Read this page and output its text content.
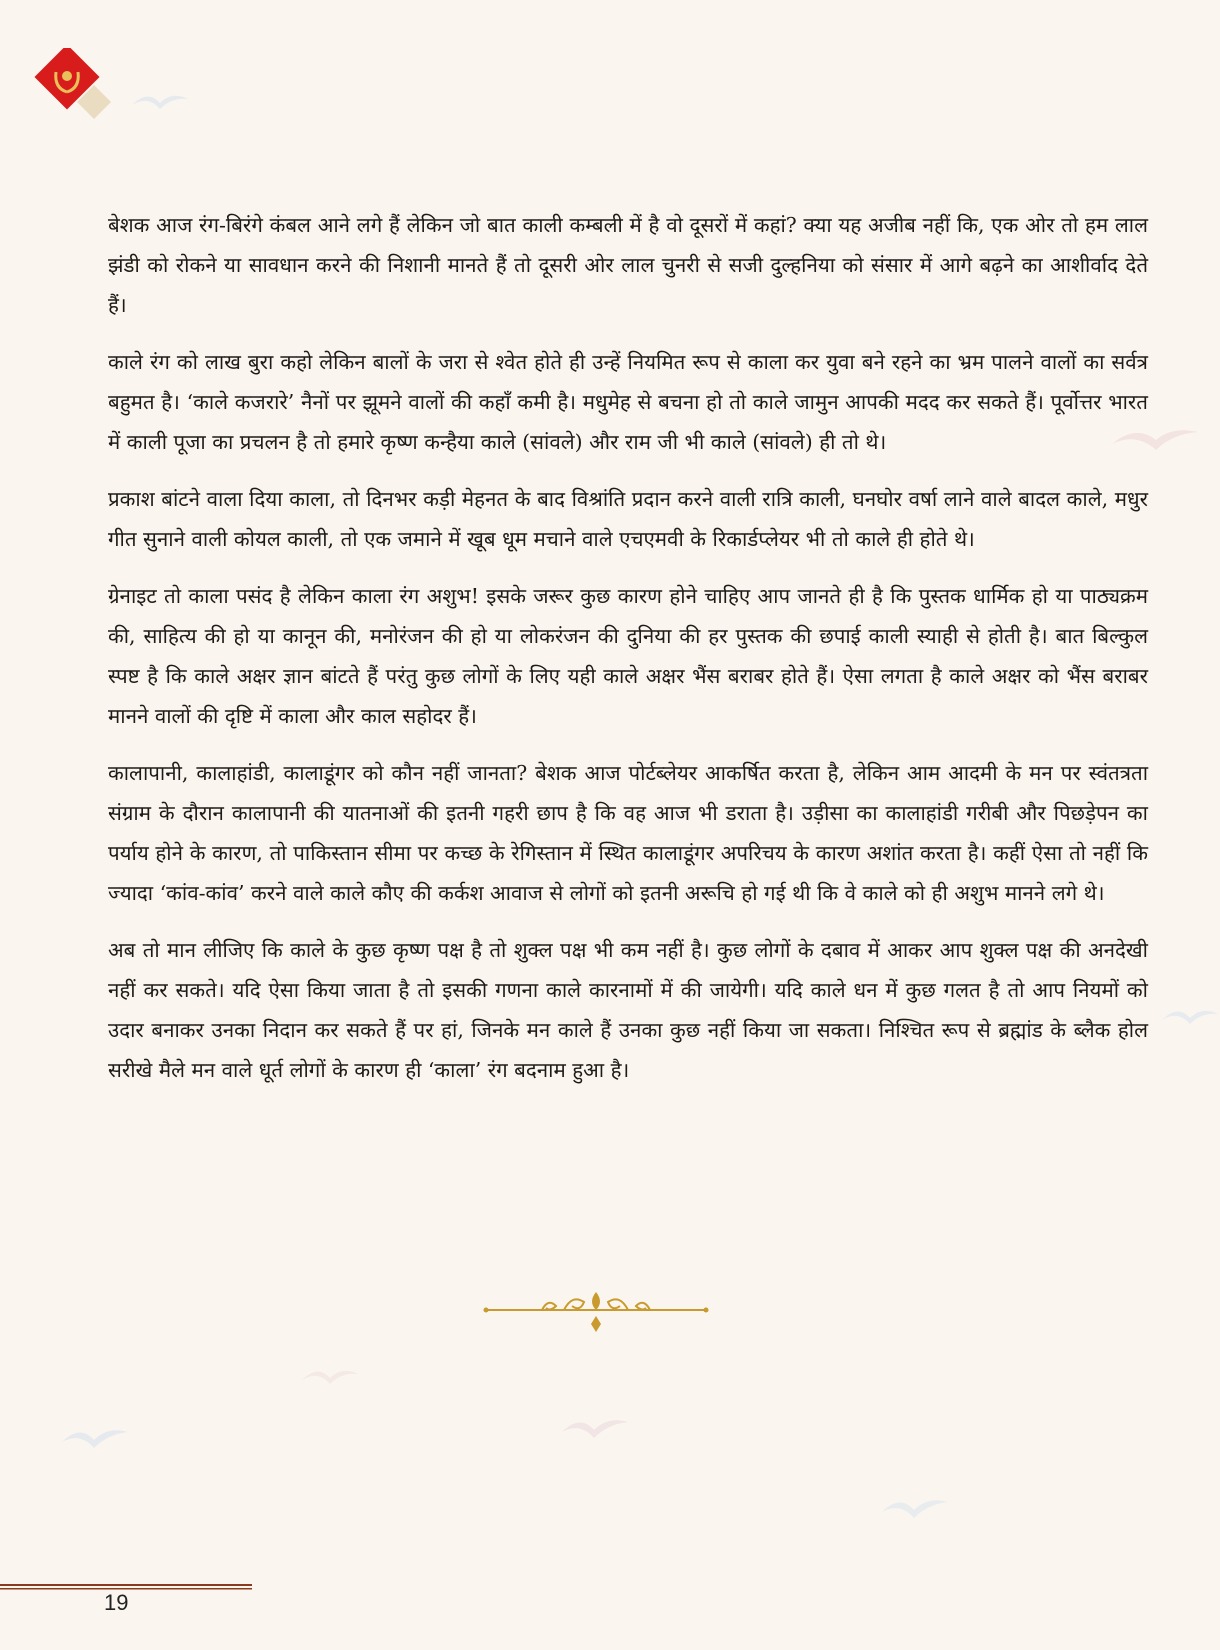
बेशक आज रंग-बिरंगे कंबल आने लगे हैं लेकिन जो बात काली कम्बली में है वो दूसरों में कहां? क्या यह अजीब नहीं कि, एक ओर तो हम लाल झंडी को रोकने या सावधान करने की निशानी मानते हैं तो दूसरी ओर लाल चुनरी से सजी दुल्हनिया को संसार में आगे बढ़ने का आशीर्वाद देते हैं।

काले रंग को लाख बुरा कहो लेकिन बालों के जरा से श्वेत होते ही उन्हें नियमित रूप से काला कर युवा बने रहने का भ्रम पालने वालों का सर्वत्र बहुमत है। ‘काले कजरारे’ नैनों पर झूमने वालों की कहाँ कमी है। मधुमेह से बचना हो तो काले जामुन आपकी मदद कर सकते हैं। पूर्वोत्तर भारत में काली पूजा का प्रचलन है तो हमारे कृष्ण कन्हैया काले (सांवले) और राम जी भी काले (सांवले) ही तो थे।

प्रकाश बांटने वाला दिया काला, तो दिनभर कड़ी मेहनत के बाद विश्रांति प्रदान करने वाली रात्रि काली, घनघोर वर्षा लाने वाले बादल काले, मधुर गीत सुनाने वाली कोयल काली, तो एक जमाने में खूब धूम मचाने वाले एचएमवी के रिकार्डप्लेयर भी तो काले ही होते थे।

ग्रेनाइट तो काला पसंद है लेकिन काला रंग अशुभ! इसके जरूर कुछ कारण होने चाहिए आप जानते ही है कि पुस्तक धार्मिक हो या पाठ्यक्रम की, साहित्य की हो या कानून की, मनोरंजन की हो या लोकरंजन की दुनिया की हर पुस्तक की छपाई काली स्याही से होती है। बात बिल्कुल स्पष्ट है कि काले अक्षर ज्ञान बांटते हैं परंतु कुछ लोगों के लिए यही काले अक्षर भैंस बराबर होते हैं। ऐसा लगता है काले अक्षर को भैंस बराबर मानने वालों की दृष्टि में काला और काल सहोदर हैं।

कालापानी, कालाहांडी, कालाडूंगर को कौन नहीं जानता? बेशक आज पोर्टब्लेयर आकर्षित करता है, लेकिन आम आदमी के मन पर स्वंतत्रता संग्राम के दौरान कालापानी की यातनाओं की इतनी गहरी छाप है कि वह आज भी डराता है। उड़ीसा का कालाहांडी गरीबी और पिछड़ेपन का पर्याय होने के कारण, तो पाकिस्तान सीमा पर कच्छ के रेगिस्तान में स्थित कालाडूंगर अपरिचय के कारण अशांत करता है। कहीं ऐसा तो नहीं कि ज्यादा ‘कांव-कांव’ करने वाले काले कौए की कर्कश आवाज से लोगों को इतनी अरूचि हो गई थी कि वे काले को ही अशुभ मानने लगे थे।

अब तो मान लीजिए कि काले के कुछ कृष्ण पक्ष है तो शुक्ल पक्ष भी कम नहीं है। कुछ लोगों के दबाव में आकर आप शुक्ल पक्ष की अनदेखी नहीं कर सकते। यदि ऐसा किया जाता है तो इसकी गणना काले कारनामों में की जायेगी। यदि काले धन में कुछ गलत है तो आप नियमों को उदार बनाकर उनका निदान कर सकते हैं पर हां, जिनके मन काले हैं उनका कुछ नहीं किया जा सकता। निश्चित रूप से ब्रह्मांड के ब्लैक होल सरीखे मैले मन वाले धूर्त लोगों के कारण ही ‘काला’ रंग बदनाम हुआ है।

19
